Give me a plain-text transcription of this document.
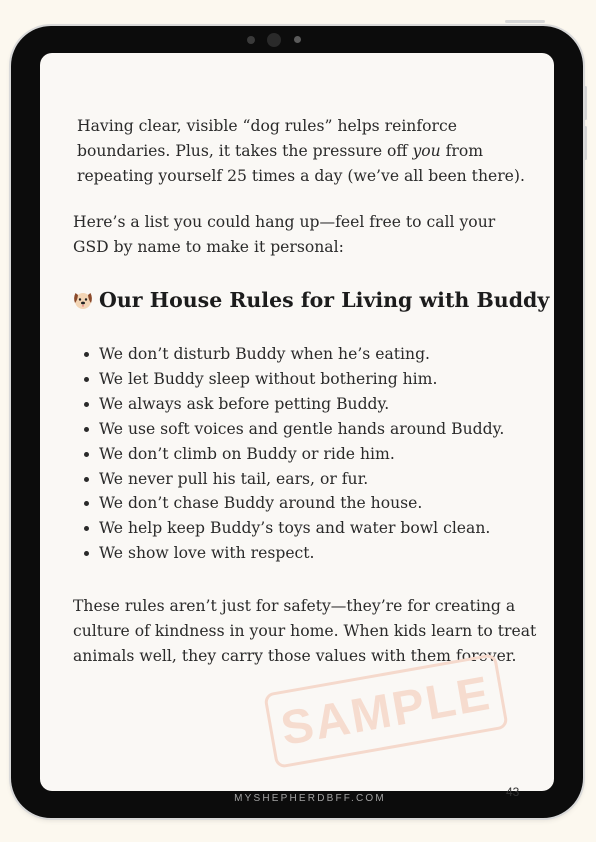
Having clear, visible “dog rules” helps reinforce boundaries. Plus, it takes the pressure off you from repeating yourself 25 times a day (we’ve all been there).

Here’s a list you could hang up—feel free to call your GSD by name to make it personal:

Our House Rules for Living with Buddy
We don’t disturb Buddy when he’s eating.
We let Buddy sleep without bothering him.
We always ask before petting Buddy.
We use soft voices and gentle hands around Buddy.
We don’t climb on Buddy or ride him.
We never pull his tail, ears, or fur.
We don’t chase Buddy around the house.
We help keep Buddy’s toys and water bowl clean.
We show love with respect.

These rules aren’t just for safety—they’re for creating a culture of kindness in your home. When kids learn to treat animals well, they carry those values with them forever.

SAMPLE
MYSHEPHERDBFF.COM	43
